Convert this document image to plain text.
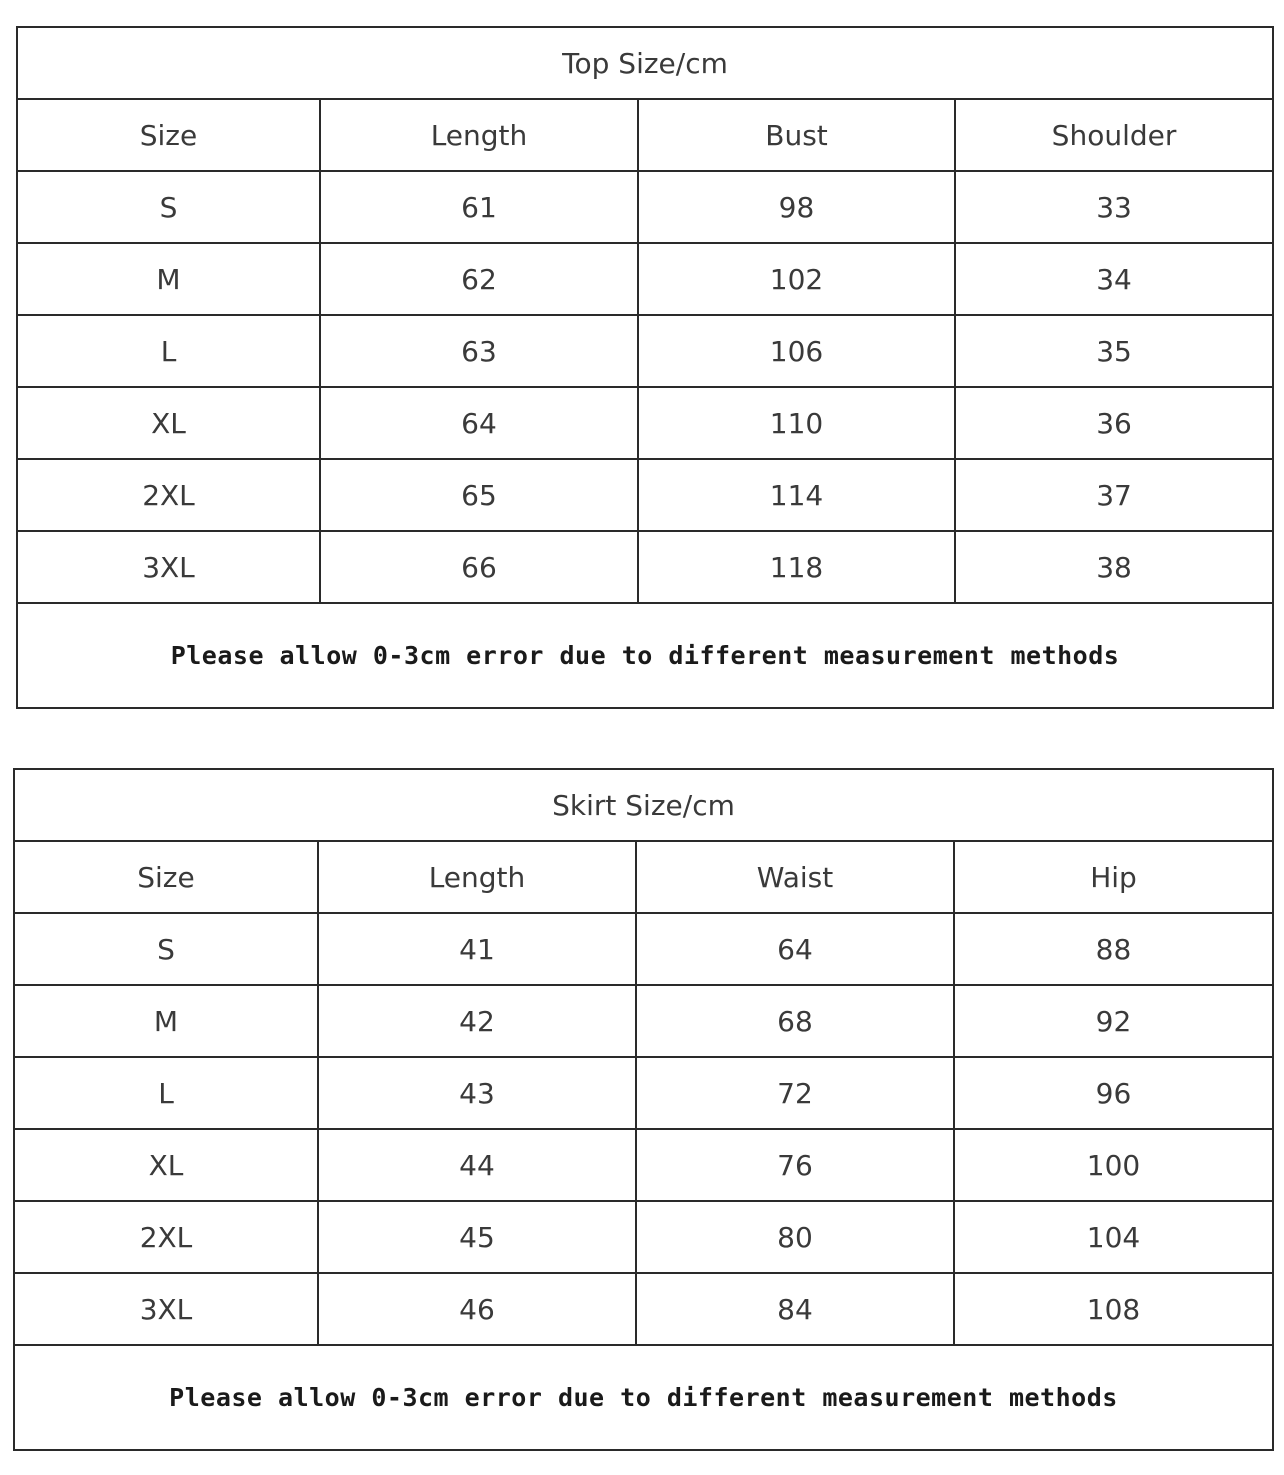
Top Size/cm			
Size	Length	Bust	Shoulder
S	61	98	33
M	62	102	34
L	63	106	35
XL	64	110	36
2XL	65	114	37
3XL	66	118	38
Please allow 0-3cm error due to different measurement methods			
Skirt Size/cm			
Size	Length	Waist	Hip
S	41	64	88
M	42	68	92
L	43	72	96
XL	44	76	100
2XL	45	80	104
3XL	46	84	108
Please allow 0-3cm error due to different measurement methods			
